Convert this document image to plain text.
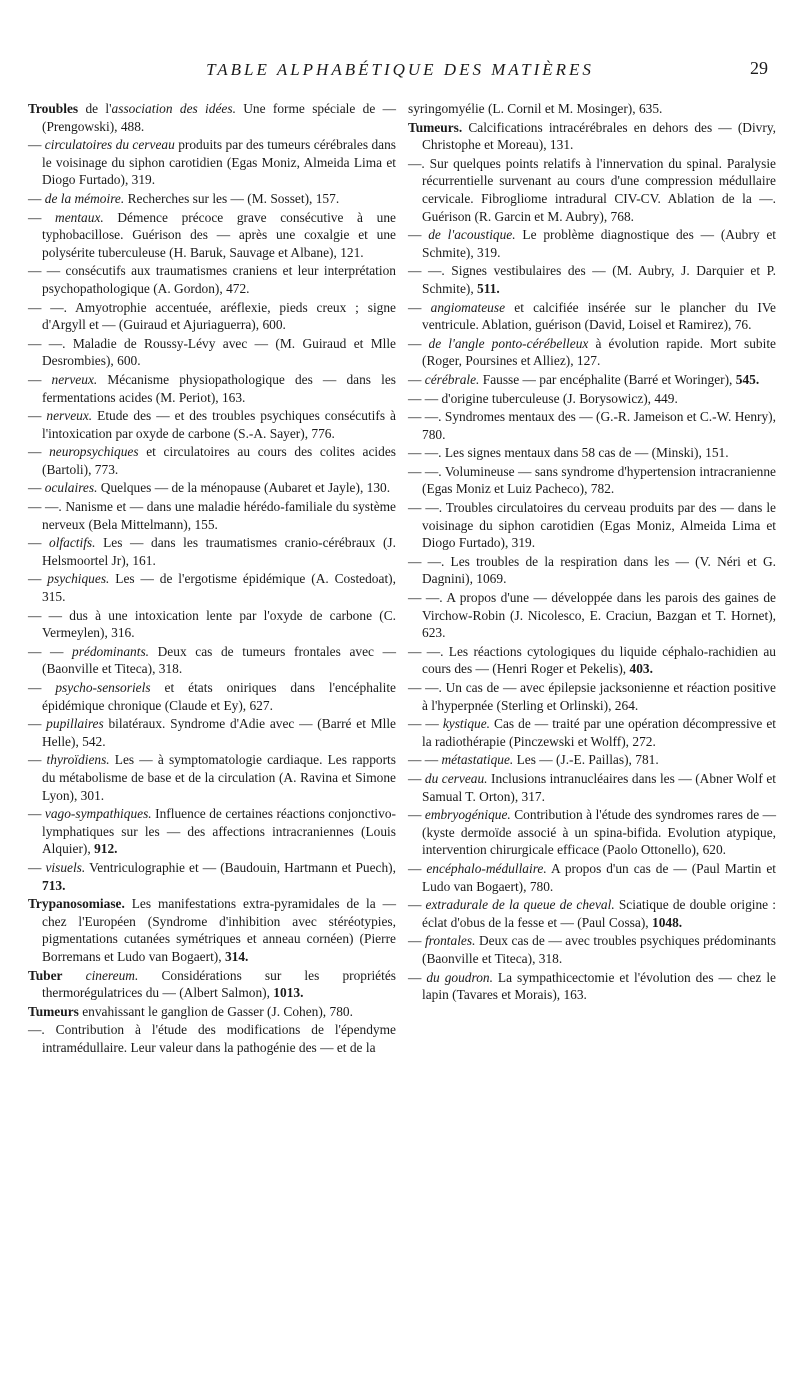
TABLE ALPHABÉTIQUE DES MATIÈRES	29

Troubles de l'association des idées. Une forme spéciale de — (Prengowski), 488.

— circulatoires du cerveau produits par des tumeurs cérébrales dans le voisinage du siphon carotidien (Egas Moniz, Almeida Lima et Diogo Furtado), 319.

— de la mémoire. Recherches sur les — (M. Sosset), 157.

— mentaux. Démence précoce grave consécutive à une typhobacillose. Guérison des — après une coxalgie et une polysérite tuberculeuse (H. Baruk, Sauvage et Albane), 121.

— — consécutifs aux traumatismes craniens et leur interprétation psychopathologique (A. Gordon), 472.

— —. Amyotrophie accentuée, aréflexie, pieds creux ; signe d'Argyll et — (Guiraud et Ajuriaguerra), 600.

— —. Maladie de Roussy-Lévy avec — (M. Guiraud et Mlle Desrombies), 600.

— nerveux. Mécanisme physiopathologique des — dans les fermentations acides (M. Periot), 163.

— nerveux. Etude des — et des troubles psychiques consécutifs à l'intoxication par oxyde de carbone (S.-A. Sayer), 776.

— neuropsychiques et circulatoires au cours des colites acides (Bartoli), 773.

— oculaires. Quelques — de la ménopause (Aubaret et Jayle), 130.

— —. Nanisme et — dans une maladie hérédo-familiale du système nerveux (Bela Mittelmann), 155.

— olfactifs. Les — dans les traumatismes cranio-cérébraux (J. Helsmoortel Jr), 161.

— psychiques. Les — de l'ergotisme épidémique (A. Costedoat), 315.

— — dus à une intoxication lente par l'oxyde de carbone (C. Vermeylen), 316.

— — prédominants. Deux cas de tumeurs frontales avec — (Baonville et Titeca), 318.

— psycho-sensoriels et états oniriques dans l'encéphalite épidémique chronique (Claude et Ey), 627.

— pupillaires bilatéraux. Syndrome d'Adie avec — (Barré et Mlle Helle), 542.

— thyroïdiens. Les — à symptomatologie cardiaque. Les rapports du métabolisme de base et de la circulation (A. Ravina et Simone Lyon), 301.

— vago-sympathiques. Influence de certaines réactions conjonctivo-lymphatiques sur les — des affections intracraniennes (Louis Alquier), 912.

— visuels. Ventriculographie et — (Baudouin, Hartmann et Puech), 713.

Trypanosomiase. Les manifestations extra-pyramidales de la — chez l'Européen (Syndrome d'inhibition avec stéréotypies, pigmentations cutanées symétriques et anneau cornéen) (Pierre Borremans et Ludo van Bogaert), 314.

Tuber cinereum. Considérations sur les propriétés thermorégulatrices du — (Albert Salmon), 1013.

Tumeurs envahissant le ganglion de Gasser (J. Cohen), 780.

—. Contribution à l'étude des modifications de l'épendyme intramédullaire. Leur valeur dans la pathogénie des — et de la

syringomyélie (L. Cornil et M. Mosinger), 635.

Tumeurs. Calcifications intracérébrales en dehors des — (Divry, Christophe et Moreau), 131.

—. Sur quelques points relatifs à l'innervation du spinal. Paralysie récurrentielle survenant au cours d'une compression médullaire cervicale. Fibrogliome intradural CIV-CV. Ablation de la —. Guérison (R. Garcin et M. Aubry), 768.

— de l'acoustique. Le problème diagnostique des — (Aubry et Schmite), 319.

— —. Signes vestibulaires des — (M. Aubry, J. Darquier et P. Schmite), 511.

— angiomateuse et calcifiée insérée sur le plancher du IVe ventricule. Ablation, guérison (David, Loisel et Ramirez), 76.

— de l'angle ponto-cérébelleux à évolution rapide. Mort subite (Roger, Poursines et Alliez), 127.

— cérébrale. Fausse — par encéphalite (Barré et Woringer), 545.

— — d'origine tuberculeuse (J. Borysowicz), 449.

— —. Syndromes mentaux des — (G.-R. Jameison et C.-W. Henry), 780.

— —. Les signes mentaux dans 58 cas de — (Minski), 151.

— —. Volumineuse — sans syndrome d'hypertension intracranienne (Egas Moniz et Luiz Pacheco), 782.

— —. Troubles circulatoires du cerveau produits par des — dans le voisinage du siphon carotidien (Egas Moniz, Almeida Lima et Diogo Furtado), 319.

— —. Les troubles de la respiration dans les — (V. Néri et G. Dagnini), 1069.

— —. A propos d'une — développée dans les parois des gaines de Virchow-Robin (J. Nicolesco, E. Craciun, Bazgan et T. Hornet), 623.

— —. Les réactions cytologiques du liquide céphalo-rachidien au cours des — (Henri Roger et Pekelis), 403.

— —. Un cas de — avec épilepsie jacksonienne et réaction positive à l'hyperpnée (Sterling et Orlinski), 264.

— — kystique. Cas de — traité par une opération décompressive et la radiothérapie (Pinczewski et Wolff), 272.

— — métastatique. Les — (J.-E. Paillas), 781.

— du cerveau. Inclusions intranucléaires dans les — (Abner Wolf et Samual T. Orton), 317.

— embryogénique. Contribution à l'étude des syndromes rares de — (kyste dermoïde associé à un spina-bifida. Evolution atypique, intervention chirurgicale efficace (Paolo Ottonello), 620.

— encéphalo-médullaire. A propos d'un cas de — (Paul Martin et Ludo van Bogaert), 780.

— extradurale de la queue de cheval. Sciatique de double origine : éclat d'obus de la fesse et — (Paul Cossa), 1048.

— frontales. Deux cas de — avec troubles psychiques prédominants (Baonville et Titeca), 318.

— du goudron. La sympathicectomie et l'évolution des — chez le lapin (Tavares et Morais), 163.
